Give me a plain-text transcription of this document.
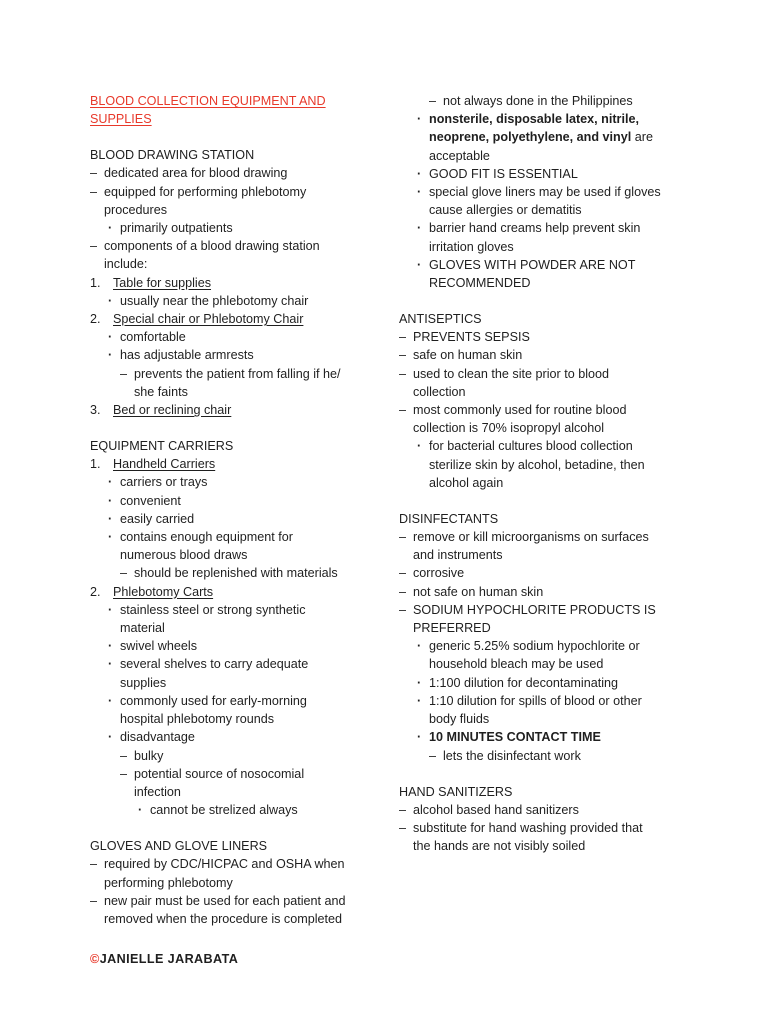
BLOOD COLLECTION EQUIPMENT AND SUPPLIES
BLOOD DRAWING STATION
– dedicated area for blood drawing
– equipped for performing phlebotomy
procedures
· primarily outpatients
– components of a blood drawing station
include:
1. Table for supplies
· usually near the phlebotomy chair
2. Special chair or Phlebotomy Chair
· comfortable
· has adjustable armrests
– prevents the patient from falling if he/
she faints
3. Bed or reclining chair
EQUIPMENT CARRIERS
1. Handheld Carriers
· carriers or trays
· convenient
· easily carried
· contains enough equipment for
numerous blood draws
– should be replenished with materials
2. Phlebotomy Carts
· stainless steel or strong synthetic
material
· swivel wheels
· several shelves to carry adequate
supplies
· commonly used for early-morning
hospital phlebotomy rounds
· disadvantage
– bulky
– potential source of nosocomial
infection
· cannot be strelized always
GLOVES AND GLOVE LINERS
– required by CDC/HICPAC and OSHA when
performing phlebotomy
– new pair must be used for each patient and
removed when the procedure is completed
– not always done in the Philippines
· nonsterile, disposable latex, nitrile,
neoprene, polyethylene, and vinyl are
acceptable
· GOOD FIT IS ESSENTIAL
· special glove liners may be used if gloves
cause allergies or dematitis
· barrier hand creams help prevent skin
irritation gloves
· GLOVES WITH POWDER ARE NOT
RECOMMENDED
ANTISEPTICS
– PREVENTS SEPSIS
– safe on human skin
– used to clean the site prior to blood
collection
– most commonly used for routine blood
collection is 70% isopropyl alcohol
· for bacterial cultures blood collection
sterilize skin by alcohol, betadine, then
alcohol again
DISINFECTANTS
– remove or kill microorganisms on surfaces
and instruments
– corrosive
– not safe on human skin
– SODIUM HYPOCHLORITE PRODUCTS IS
PREFERRED
· generic 5.25% sodium hypochlorite or
household bleach may be used
· 1:100 dilution for decontaminating
· 1:10 dilution for spills of blood or other
body fluids
· 10 MINUTES CONTACT TIME
– lets the disinfectant work
HAND SANITIZERS
– alcohol based hand sanitizers
– substitute for hand washing provided that
the hands are not visibly soiled
©JANIELLE JARABATA
